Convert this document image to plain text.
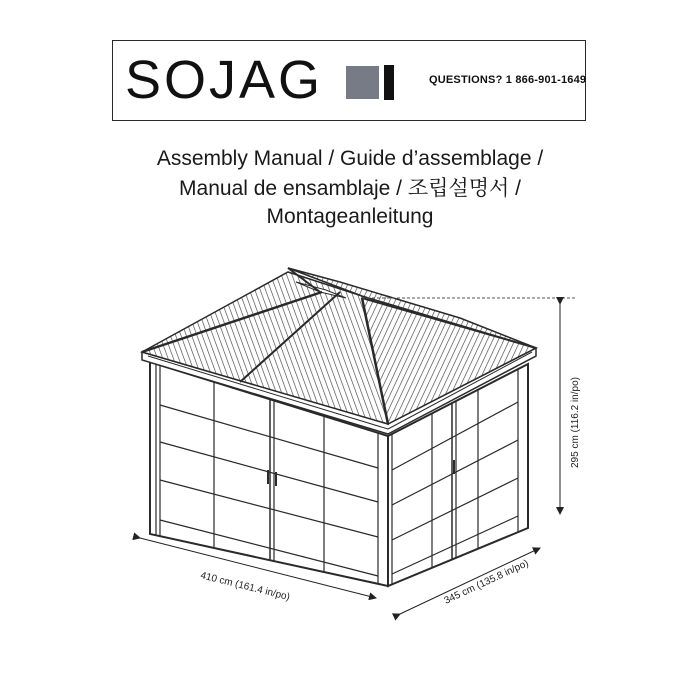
SOJAG	QUESTIONS? 1 866-901-1649
Assembly Manual / Guide d’assemblage /
Manual de ensamblaje / 조립설명서 /
Montageanleitung
410 cm (161.4 in/po)	345 cm (135.8 in/po)
295 cm (116.2 in/po)
